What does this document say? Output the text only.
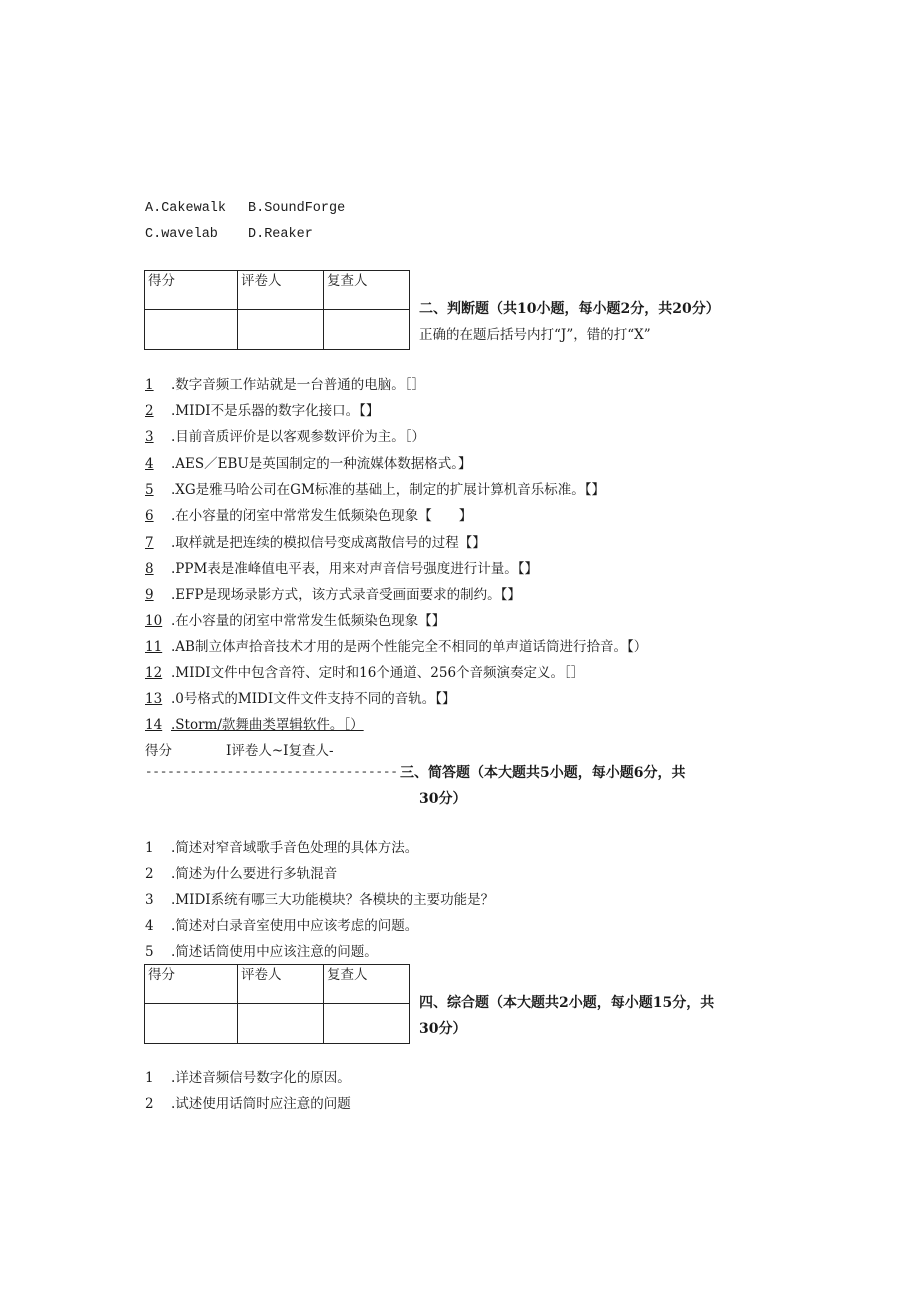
A.Cakewalk B.SoundForge
C.wavelab D.Reaker
得分	评卷人	复查人

二、判断题（共10小题，每小题2分，共20分）
正确的在题后括号内打“J”，错的打“X”
1 .数字音频工作站就是一台普通的电脑。［］
2 .MIDI不是乐器的数字化接口。【】
3 .目前音质评价是以客观参数评价为主。［）
4 .AES／EBU是英国制定的一种流媒体数据格式。】
5 .XG是雅马哈公司在GM标准的基础上，制定的扩展计算机音乐标准。【】
6 .在小容量的闭室中常常发生低频染色现象【　　】
7 .取样就是把连续的模拟信号变成离散信号的过程【】
8 .PPM表是准峰值电平表，用来对声音信号强度进行计量。【】
9 .EFP是现场录影方式，该方式录音受画面要求的制约。【】
10 .在小容量的闭室中常常发生低频染色现象【】
11 .AB制立体声拾音技术才用的是两个性能完全不相同的单声道话筒进行拾音。【）
12 .MIDI文件中包含音符、定时和16个通道、256个音频演奏定义。［］
13 .0号格式的MIDI文件文件支持不同的音轨。【】
14 .Storm/款舞曲类罩辑软件。［）
得分　　　　I评卷人~I复查人-
---------------------------------- 三、简答题（本大题共5小题，每小题6分，共
30分）
1 .简述对窄音域歌手音色处理的具体方法。
2 .简述为什么要进行多轨混音
3 .MIDI系统有哪三大功能模块？各模块的主要功能是？
4 .简述对白录音室使用中应该考虑的问题。
5 .简述话筒使用中应该注意的问题。
得分	评卷人	复查人

四、综合题（本大题共2小题，每小题15分，共
30分）
1 .详述音频信号数字化的原因。
2 .试述使用话筒时应注意的问题
